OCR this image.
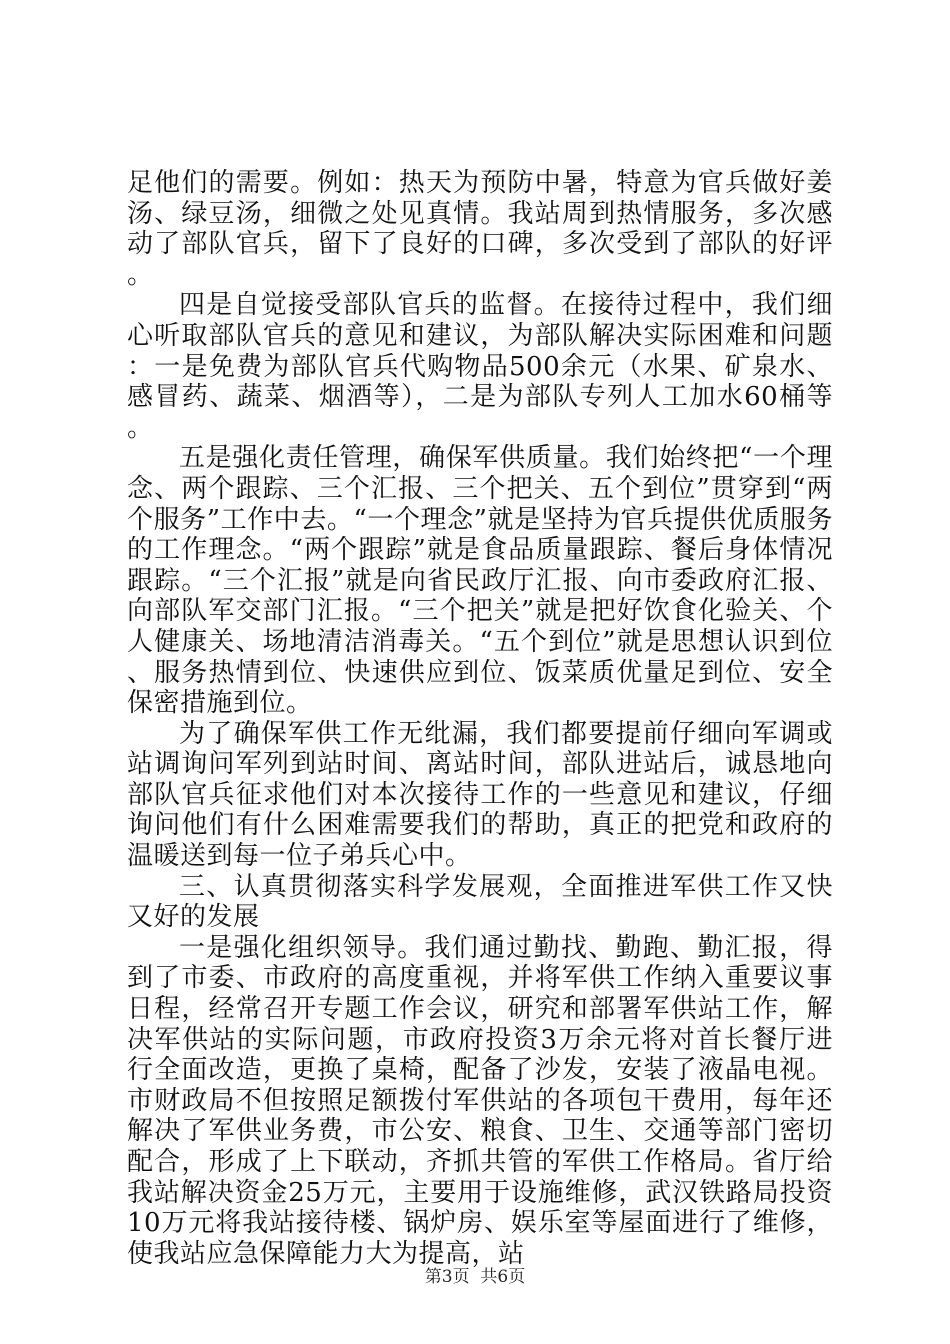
足他们的需要。例如：热天为预防中暑，特意为官兵做好姜汤、绿豆汤，细微之处见真情。我站周到热情服务，多次感动了部队官兵，留下了良好的口碑，多次受到了部队的好评。

四是自觉接受部队官兵的监督。在接待过程中，我们细心听取部队官兵的意见和建议，为部队解决实际困难和问题：一是免费为部队官兵代购物品500余元（水果、矿泉水、感冒药、蔬菜、烟酒等），二是为部队专列人工加水60桶等。

五是强化责任管理，确保军供质量。我们始终把“一个理念、两个跟踪、三个汇报、三个把关、五个到位”贯穿到“两个服务”工作中去。“一个理念”就是坚持为官兵提供优质服务的工作理念。“两个跟踪”就是食品质量跟踪、餐后身体情况跟踪。“三个汇报”就是向省民政厅汇报、向市委政府汇报、向部队军交部门汇报。“三个把关”就是把好饮食化验关、个人健康关、场地清洁消毒关。“五个到位”就是思想认识到位、服务热情到位、快速供应到位、饭菜质优量足到位、安全保密措施到位。

为了确保军供工作无纰漏，我们都要提前仔细向军调或站调询问军列到站时间、离站时间，部队进站后，诚恳地向部队官兵征求他们对本次接待工作的一些意见和建议，仔细询问他们有什么困难需要我们的帮助，真正的把党和政府的温暖送到每一位子弟兵心中。

三、认真贯彻落实科学发展观，全面推进军供工作又快又好的发展

一是强化组织领导。我们通过勤找、勤跑、勤汇报，得到了市委、市政府的高度重视，并将军供工作纳入重要议事日程，经常召开专题工作会议，研究和部署军供站工作，解决军供站的实际问题，市政府投资3万余元将对首长餐厅进行全面改造，更换了桌椅，配备了沙发，安装了液晶电视。市财政局不但按照足额拨付军供站的各项包干费用，每年还解决了军供业务费，市公安、粮食、卫生、交通等部门密切配合，形成了上下联动，齐抓共管的军供工作格局。省厅给我站解决资金25万元，主要用于设施维修，武汉铁路局投资10万元将我站接待楼、锅炉房、娱乐室等屋面进行了维修，使我站应急保障能力大为提高，站

第3页  共6页
